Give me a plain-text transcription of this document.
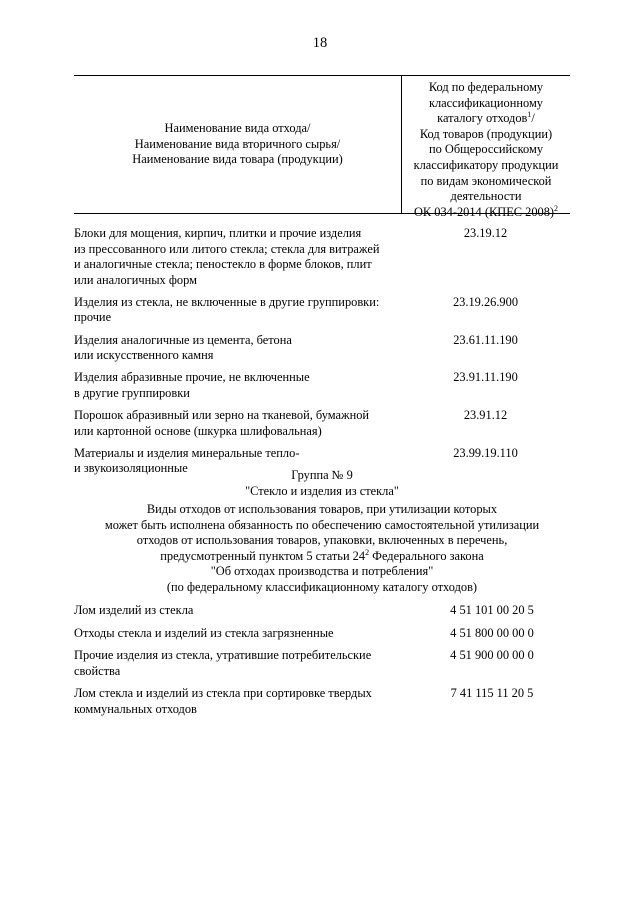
18
Наименование вида отхода/
Наименование вида вторичного сырья/
Наименование вида товара (продукции)
Код по федеральному
классификационному
каталогу отходов$^1$/
Код товаров (продукции)
по Общероссийскому
классификатору продукции
по видам экономической
деятельности
ОК 034-2014 (КПЕС 2008)$^2$
Блоки для мощения, кирпич, плитки и прочие изделия
из прессованного или литого стекла; стекла для витражей
и аналогичные стекла; пеностекло в форме блоков, плит
или аналогичных форм
23.19.12
Изделия из стекла, не включенные в другие группировки:
прочие
23.19.26.900
Изделия аналогичные из цемента, бетона
или искусственного камня
23.61.11.190
Изделия абразивные прочие, не включенные
в другие группировки
23.91.11.190
Порошок абразивный или зерно на тканевой, бумажной
или картонной основе (шкурка шлифовальная)
23.91.12
Материалы и изделия минеральные тепло-
и звукоизоляционные
23.99.19.110
Группа № 9
"Стекло и изделия из стекла"
Виды отходов от использования товаров, при утилизации которых
может быть исполнена обязанность по обеспечению самостоятельной утилизации
отходов от использования товаров, упаковки, включенных в перечень,
предусмотренный пунктом 5 статьи $24^2$ Федерального закона
"Об отходах производства и потребления"
(по федеральному классификационному каталогу отходов)
Лом изделий из стекла	4 51 101 00 20 5
Отходы стекла и изделий из стекла загрязненные	4 51 800 00 00 0
Прочие изделия из стекла, утратившие потребительские
свойства
4 51 900 00 00 0
Лом стекла и изделий из стекла при сортировке твердых
коммунальных отходов
7 41 115 11 20 5
